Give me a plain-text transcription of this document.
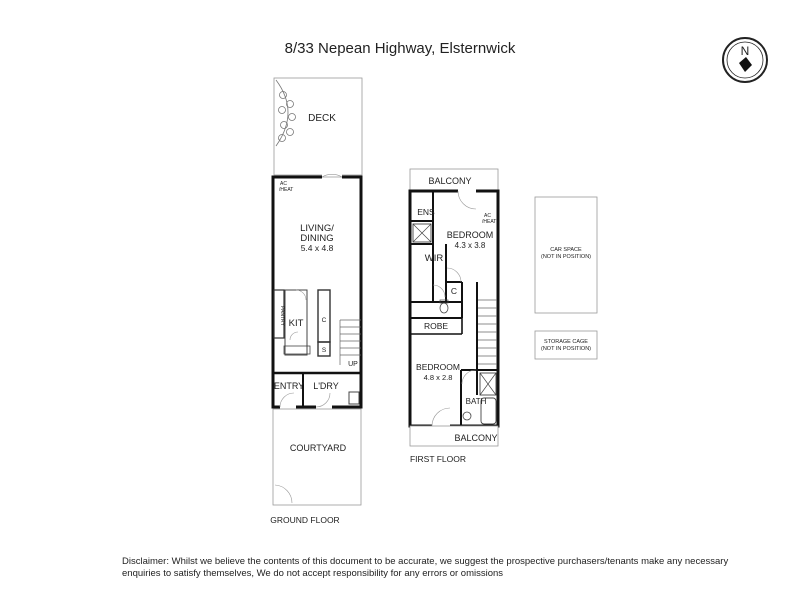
8/33 Nepean Highway, Elsternwick	N
DECK
AC
/HEAT
LIVING/
DINING
5.4 x 4.8
PANTRY KIT	C
S
UP
ENTRY L'DRY
COURTYARD
GROUND FLOOR
BALCONY
ENS	AC
/HEAT
BEDROOM
4.3 x 3.8
WIR
C
ROBE
BEDROOM
4.8 x 2.8
BATH
BALCONY
FIRST FLOOR
CAR SPACE
(NOT IN POSITION)
STORAGE CAGE
(NOT IN POSITION)
Disclaimer: Whilst we believe the contents of this document to be accurate, we suggest the prospective purchasers/tenants make any necessary enquiries to satisfy themselves, We do not accept responsibility for any errors or omissions
